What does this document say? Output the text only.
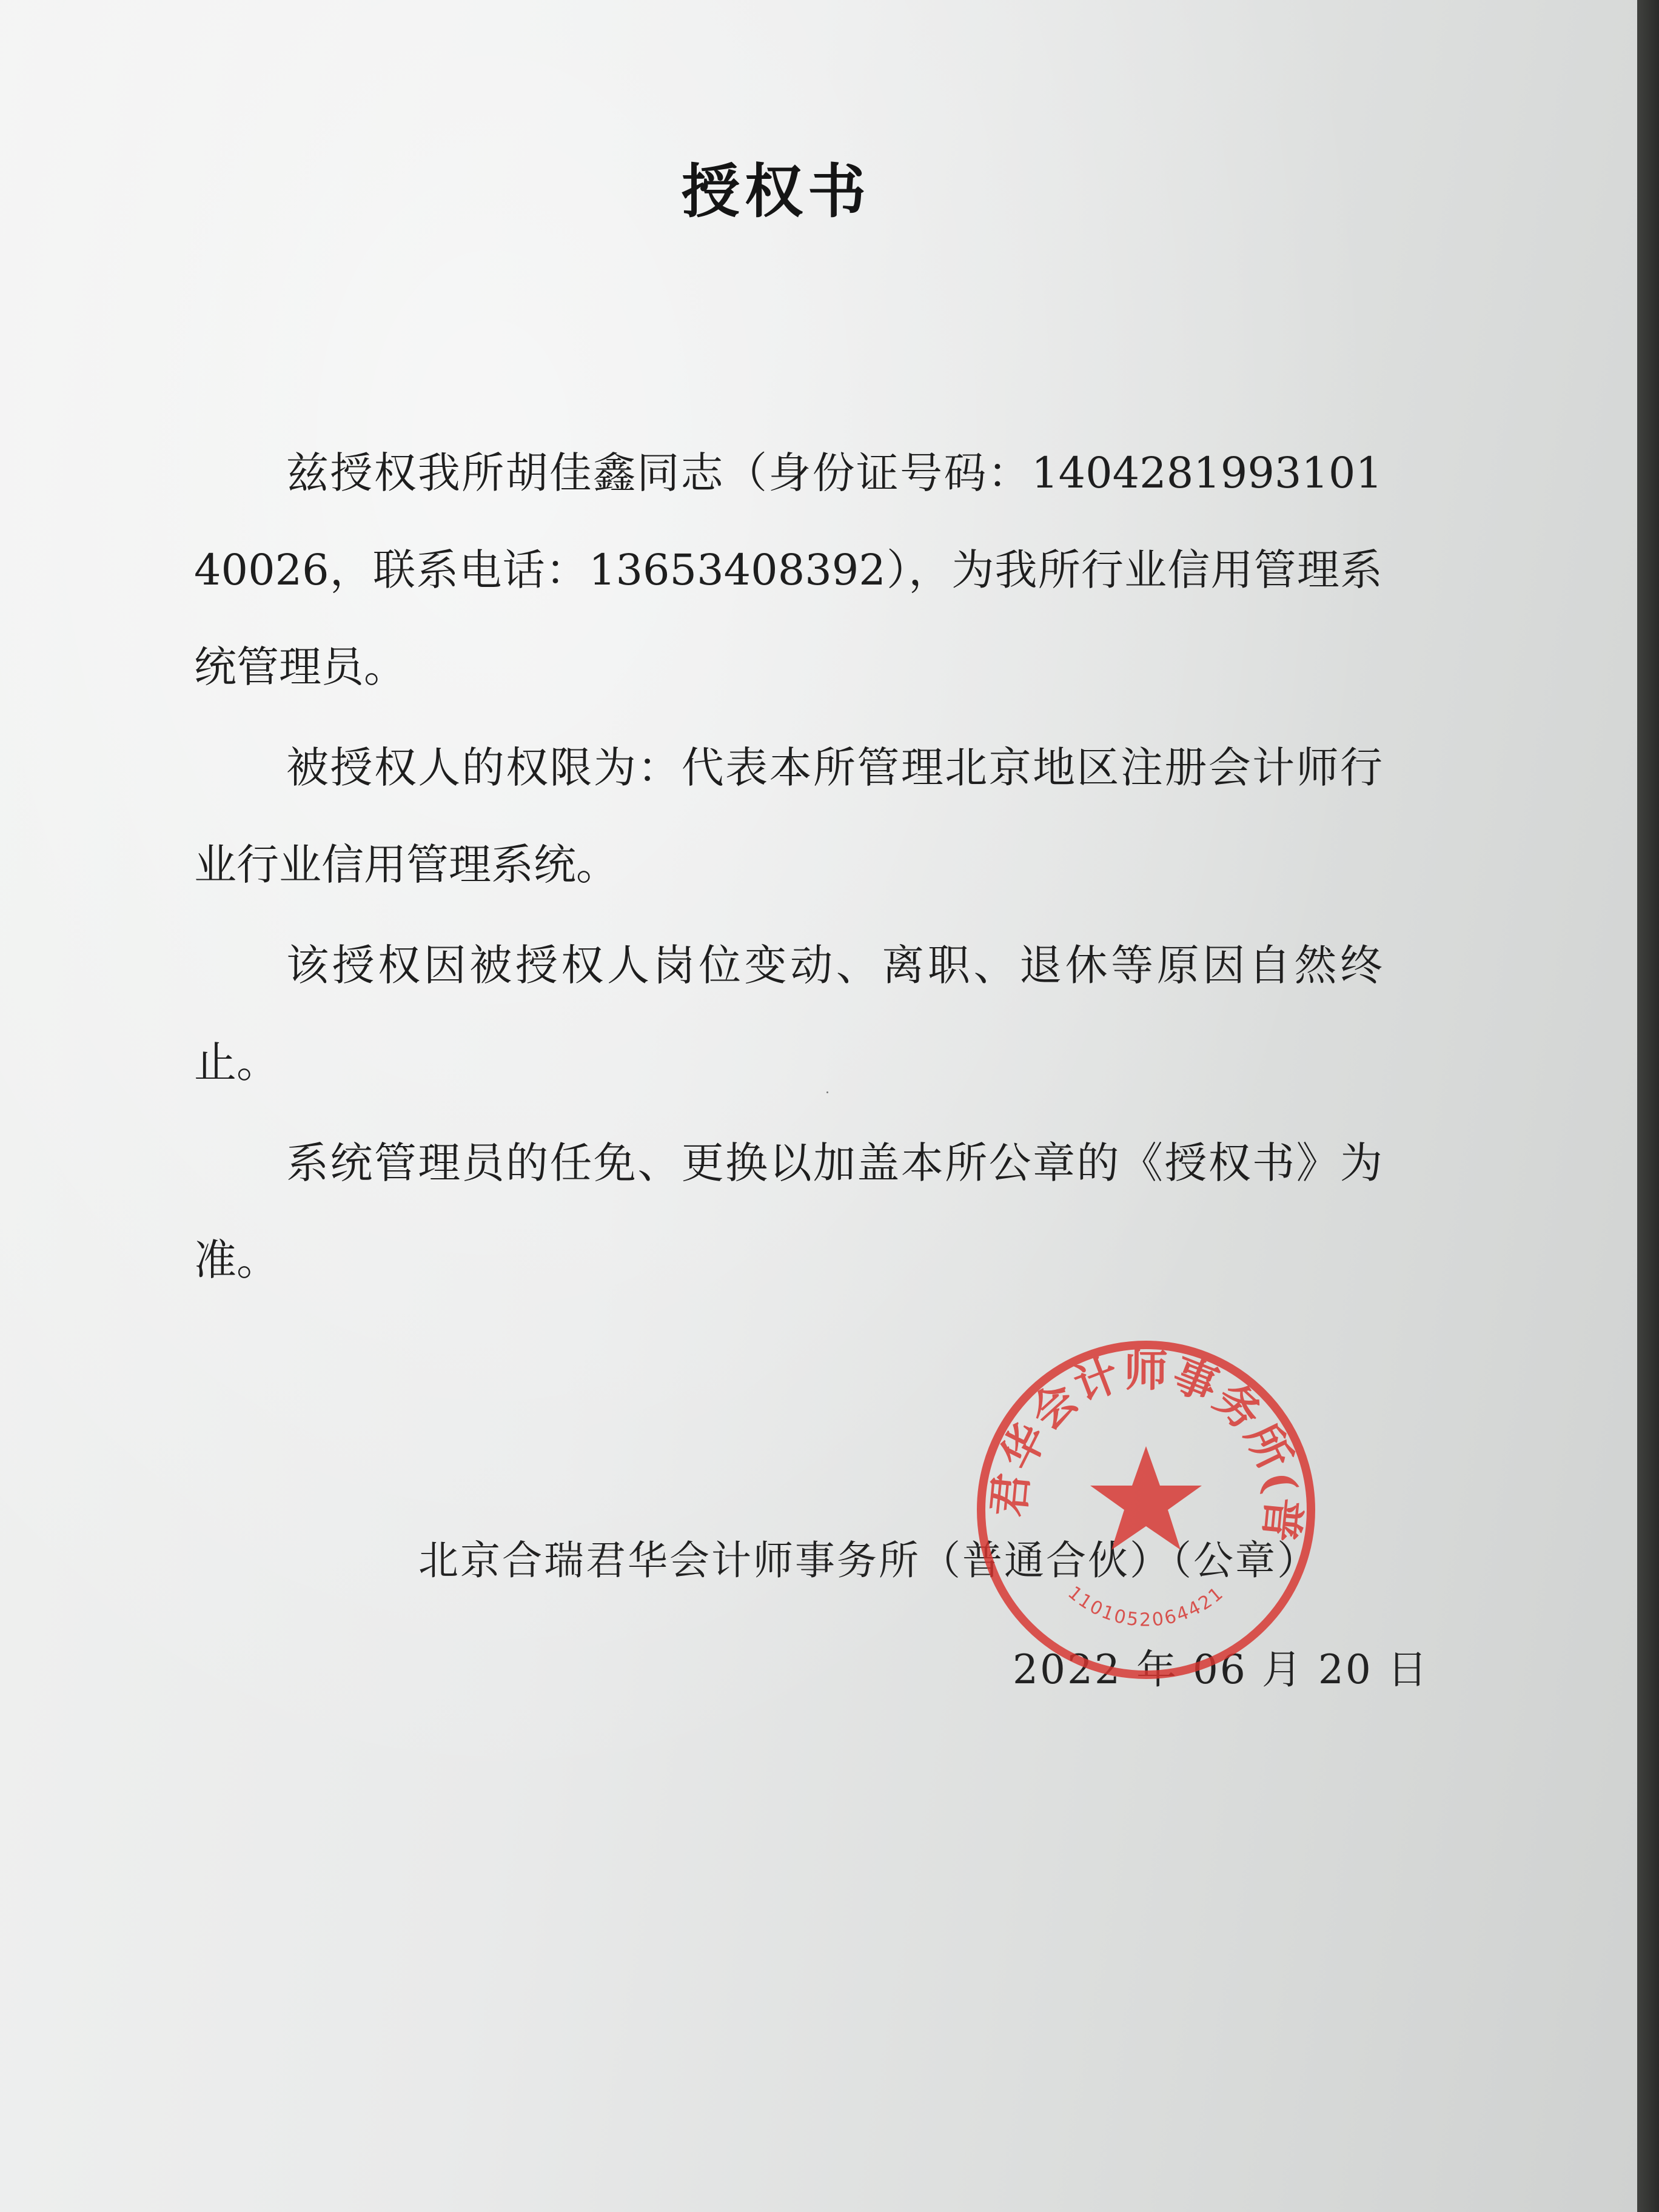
授权书

兹授权我所胡佳鑫同志（身份证号码：140428199310140026，联系电话：13653408392），为我所行业信用管理系统管理员。

被授权人的权限为：代表本所管理北京地区注册会计师行业行业信用管理系统。

该授权因被授权人岗位变动、离职、退休等原因自然终止。

系统管理员的任免、更换以加盖本所公章的《授权书》为准。

北京合瑞君华会计师事务所（普通合伙）（公章）
2022 年 06 月 20 日
君华会计师事务所(普
1101052064421
